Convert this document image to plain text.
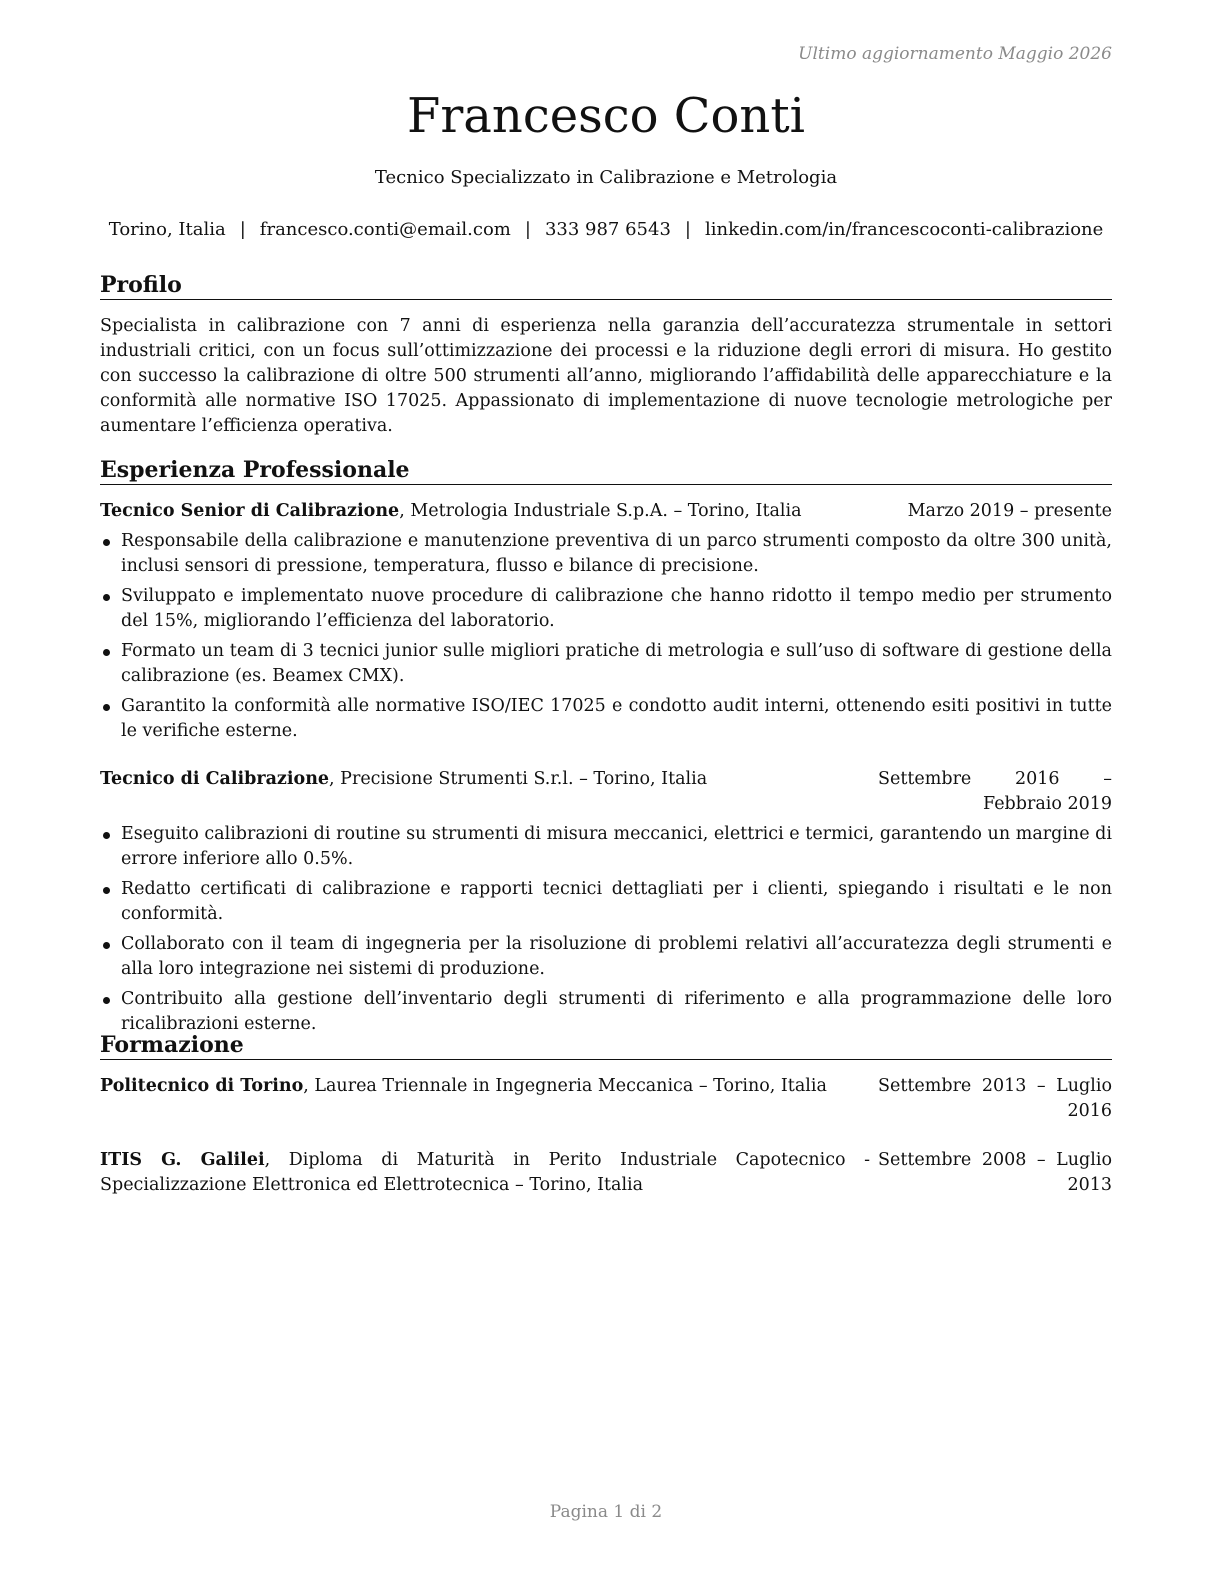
Ultimo aggiornamento Maggio 2026
Francesco Conti
Tecnico Specializzato in Calibrazione e Metrologia
Torino, Italia | francesco.conti@email.com | 333 987 6543 | linkedin.com/in/francescoconti-calibrazione
Profilo

Specialista in calibrazione con 7 anni di esperienza nella garanzia dell’accuratezza strumentale in settori industriali critici, con un focus sull’ottimizzazione dei processi e la riduzione degli errori di misura. Ho gestito con successo la calibrazione di oltre 500 strumenti all’anno, migliorando l’affidabilità delle apparecchiature e la conformità alle normative ISO 17025. Appassionato di implementazione di nuove tecnologie metrologiche per aumentare l’efficienza operativa.

Esperienza Professionale
Tecnico Senior di Calibrazione, Metrologia Industriale S.p.A. – Torino, Italia	Marzo 2019 – presente
Responsabile della calibrazione e manutenzione preventiva di un parco strumenti composto da oltre 300 unità, inclusi sensori di pressione, temperatura, flusso e bilance di precisione.
Sviluppato e implementato nuove procedure di calibrazione che hanno ridotto il tempo medio per strumento del 15%, migliorando l’efficienza del laboratorio.
Formato un team di 3 tecnici junior sulle migliori pratiche di metrologia e sull’uso di software di gestione della calibrazione (es. Beamex CMX).
Garantito la conformità alle normative ISO/IEC 17025 e condotto audit interni, ottenendo esiti positivi in tutte le verifiche esterne.
Tecnico di Calibrazione, Precisione Strumenti S.r.l. – Torino, Italia	Settembre 2016 – Febbraio 2019
Eseguito calibrazioni di routine su strumenti di misura meccanici, elettrici e termici, garantendo un margine di errore inferiore allo 0.5%.
Redatto certificati di calibrazione e rapporti tecnici dettagliati per i clienti, spiegando i risultati e le non conformità.
Collaborato con il team di ingegneria per la risoluzione di problemi relativi all’accuratezza degli strumenti e alla loro integrazione nei sistemi di produzione.
Contribuito alla gestione dell’inventario degli strumenti di riferimento e alla programmazione delle loro ricalibrazioni esterne.
Formazione
Politecnico di Torino, Laurea Triennale in Ingegneria Meccanica – Torino, Italia	Settembre 2013 – Luglio 2016
ITIS G. Galilei, Diploma di Maturità in Perito Industriale Capotecnico - Specializzazione Elettronica ed Elettrotecnica – Torino, Italia
Settembre 2008 – Luglio 2013
Pagina 1 di 2
